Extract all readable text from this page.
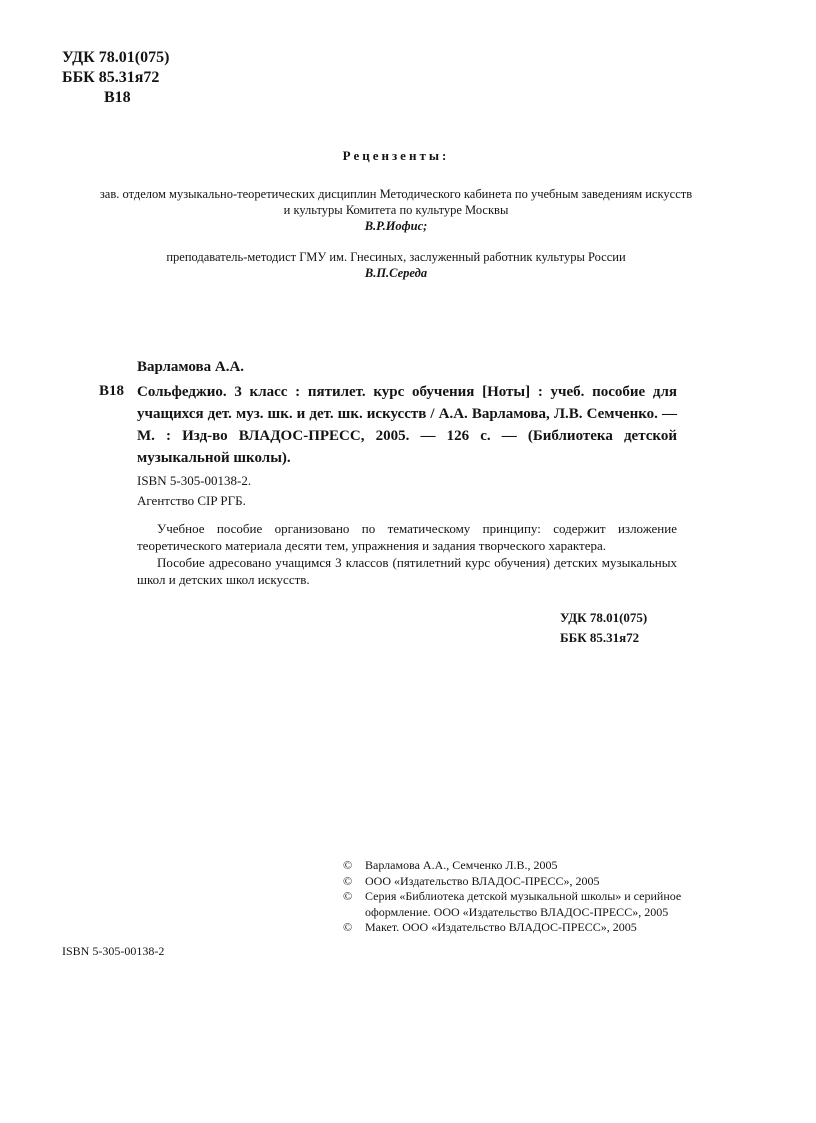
УДК 78.01(075)
ББК 85.31я72
В18
Рецензенты:
зав. отделом музыкально-теоретических дисциплин Методического кабинета по учебным заведениям искусств и культуры Комитета по культуре Москвы
В.Р.Иофис;
преподаватель-методист ГМУ им. Гнесиных, заслуженный работник культуры России
В.П.Середа
Варламова А.А.
В18 Сольфеджио. 3 класс : пятилет. курс обучения [Ноты] : учеб. пособие для учащихся дет. муз. шк. и дет. шк. искусств / А.А. Варламова, Л.В. Семченко. —М. : Изд-во ВЛАДОС-ПРЕСС, 2005. — 126 с. — (Библиотека детской музыкальной школы).
ISBN 5-305-00138-2.
Агентство CIP РГБ.

Учебное пособие организовано по тематическому принципу: содержит изложение теоретического материала десяти тем, упражнения и задания творческого характера.

Пособие адресовано учащимся 3 классов (пятилетний курс обучения) детских музыкальных школ и детских школ искусств.

УДК 78.01(075)
ББК 85.31я72
©	Варламова А.А., Семченко Л.В., 2005
©	ООО «Издательство ВЛАДОС-ПРЕСС», 2005
©	Серия «Библиотека детской музыкальной школы» и серийное оформление. ООО «Издательство ВЛАДОС-ПРЕСС», 2005
©	Макет. ООО «Издательство ВЛАДОС-ПРЕСС», 2005
ISBN 5-305-00138-2
